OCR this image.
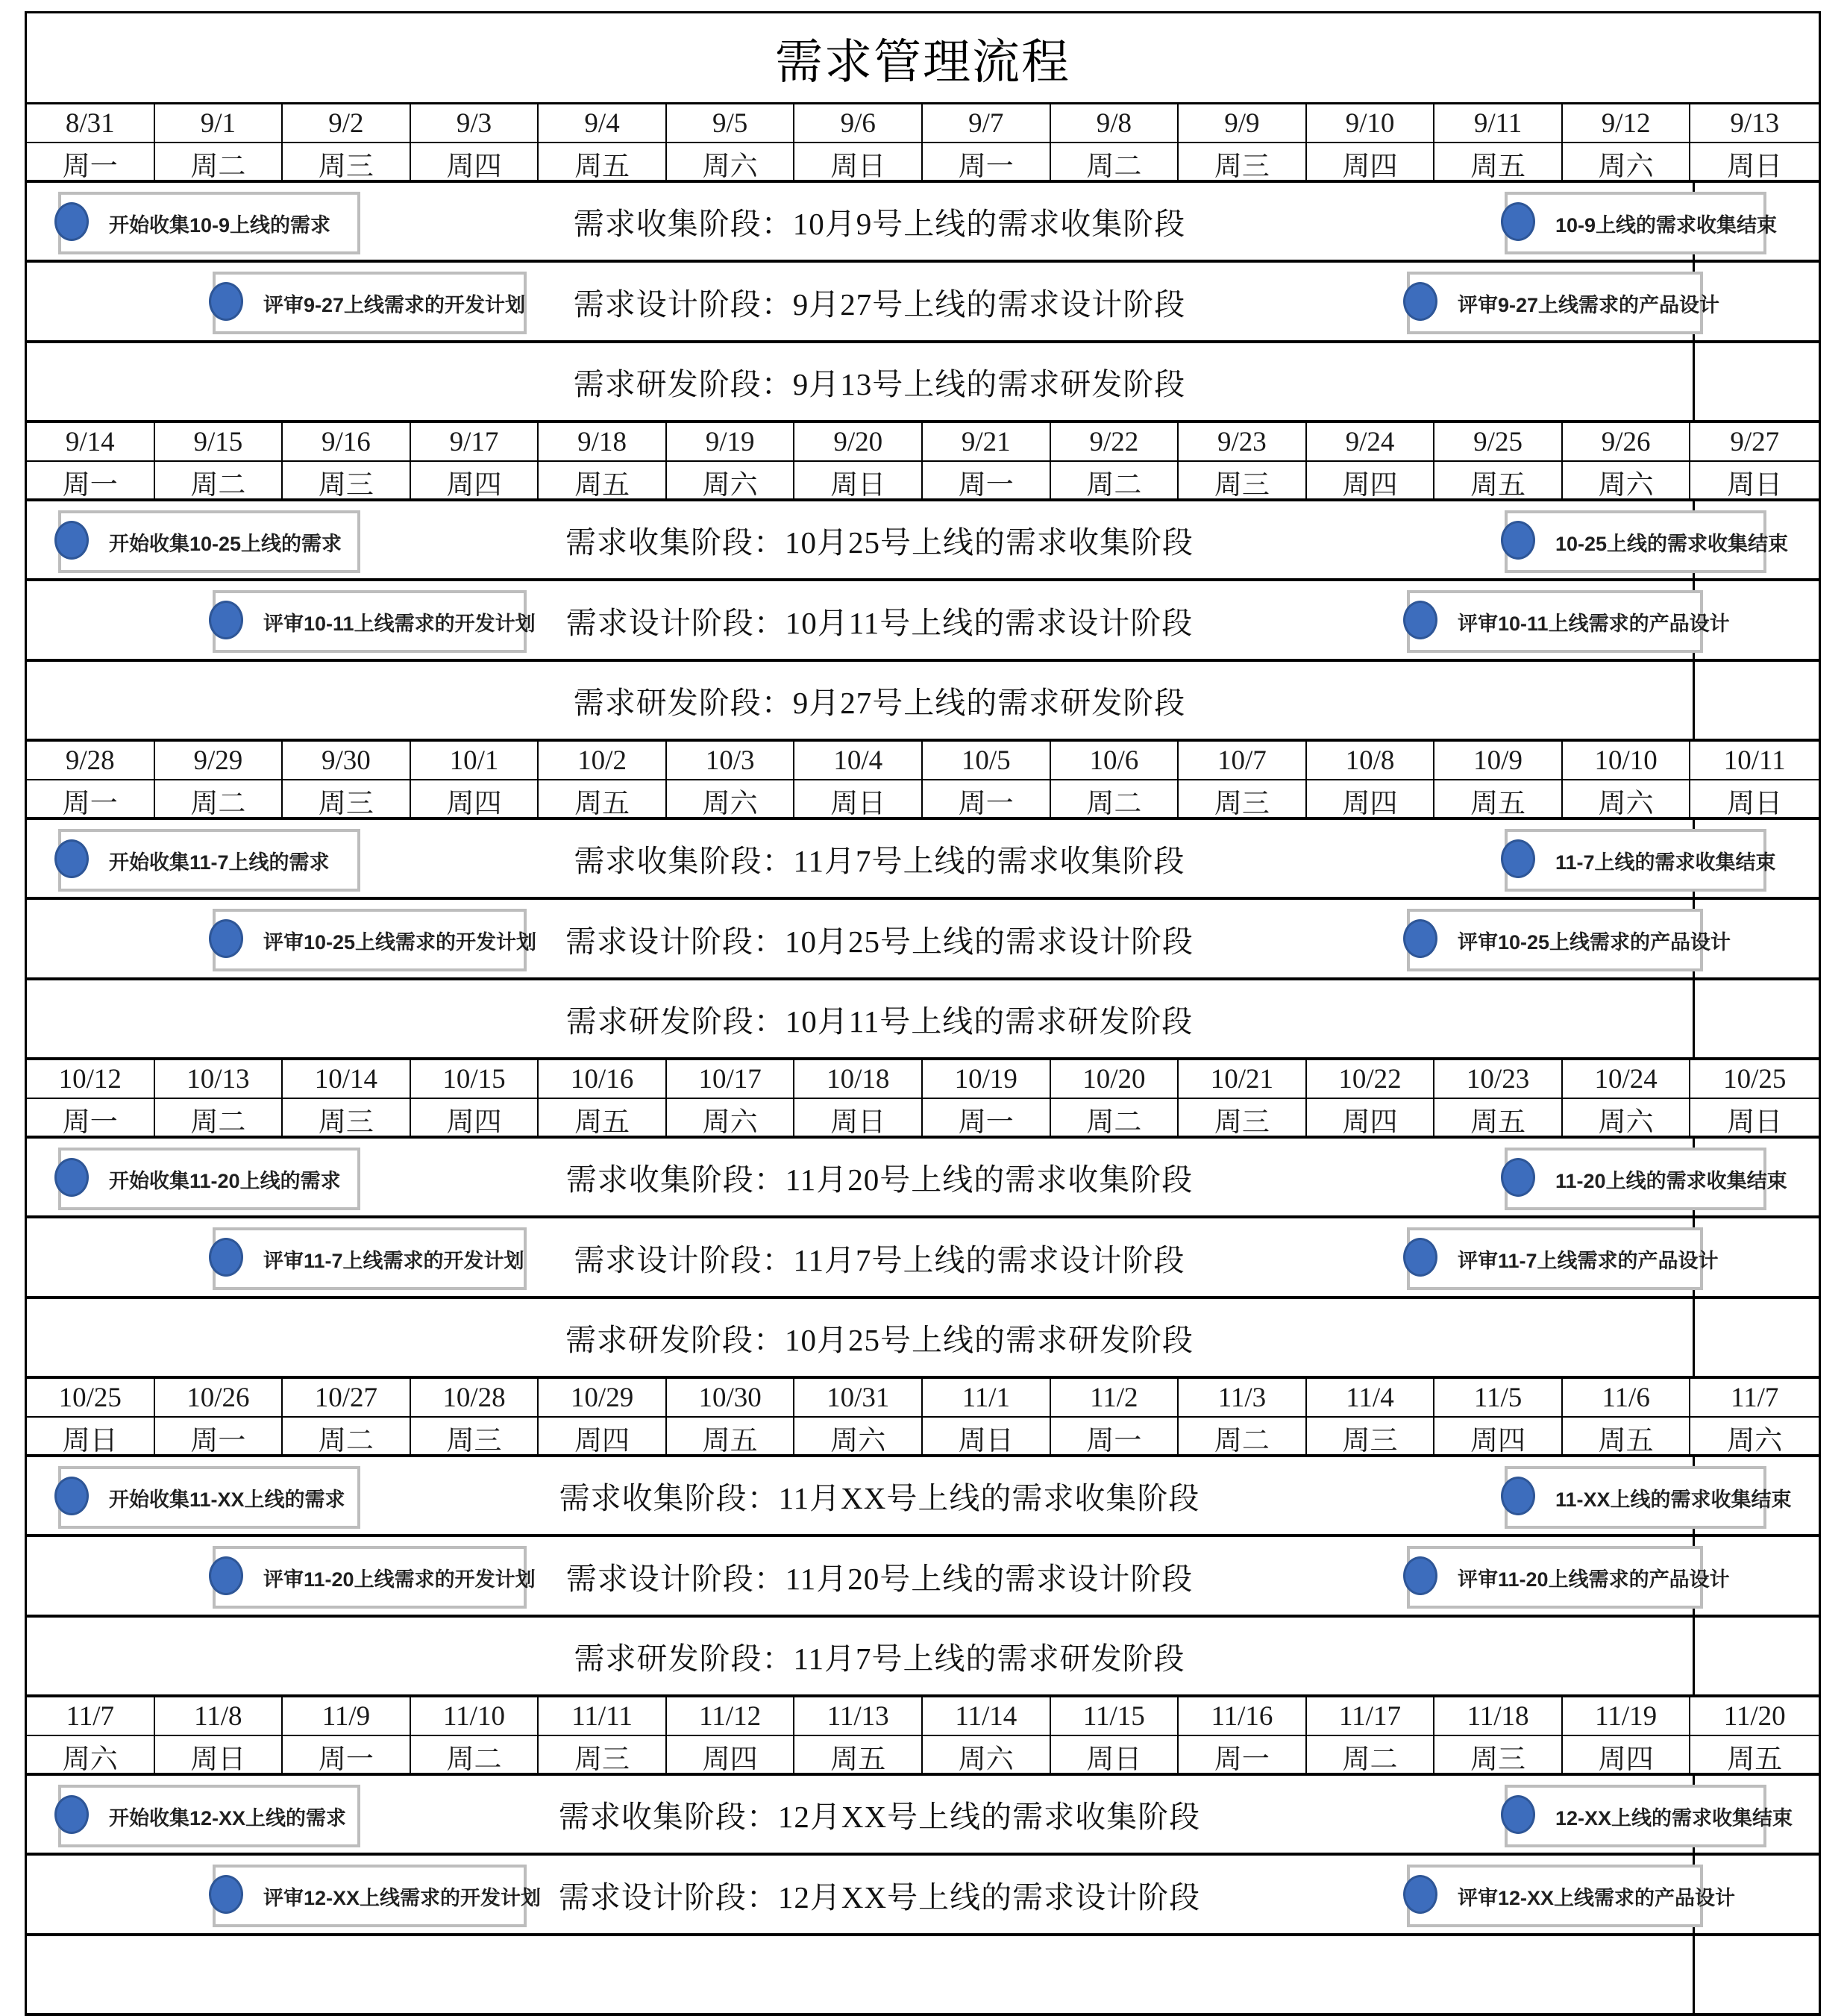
需求管理流程
8/31	9/1	9/2	9/3	9/4	9/5	9/6	9/7	9/8	9/9	9/10	9/11	9/12	9/13
周一	周二	周三	周四	周五	周六	周日	周一	周二	周三	周四	周五	周六	周日
开始收集10-9上线的需求	10-9上线的需求收集结束
需求收集阶段：10月9号上线的需求收集阶段
评审9-27上线需求的开发计划	评审9-27上线需求的产品设计
需求设计阶段：9月27号上线的需求设计阶段
需求研发阶段：9月13号上线的需求研发阶段
9/14	9/15	9/16	9/17	9/18	9/19	9/20	9/21	9/22	9/23	9/24	9/25	9/26	9/27
周一	周二	周三	周四	周五	周六	周日	周一	周二	周三	周四	周五	周六	周日
开始收集10-25上线的需求	10-25上线的需求收集结束
需求收集阶段：10月25号上线的需求收集阶段
评审10-11上线需求的开发计划	评审10-11上线需求的产品设计
需求设计阶段：10月11号上线的需求设计阶段
需求研发阶段：9月27号上线的需求研发阶段
9/28	9/29	9/30	10/1	10/2	10/3	10/4	10/5	10/6	10/7	10/8	10/9	10/10	10/11
周一	周二	周三	周四	周五	周六	周日	周一	周二	周三	周四	周五	周六	周日
开始收集11-7上线的需求	11-7上线的需求收集结束
需求收集阶段：11月7号上线的需求收集阶段
评审10-25上线需求的开发计划	评审10-25上线需求的产品设计
需求设计阶段：10月25号上线的需求设计阶段
需求研发阶段：10月11号上线的需求研发阶段
10/12	10/13	10/14	10/15	10/16	10/17	10/18	10/19	10/20	10/21	10/22	10/23	10/24	10/25
周一	周二	周三	周四	周五	周六	周日	周一	周二	周三	周四	周五	周六	周日
开始收集11-20上线的需求	11-20上线的需求收集结束
需求收集阶段：11月20号上线的需求收集阶段
评审11-7上线需求的开发计划	评审11-7上线需求的产品设计
需求设计阶段：11月7号上线的需求设计阶段
需求研发阶段：10月25号上线的需求研发阶段
10/25	10/26	10/27	10/28	10/29	10/30	10/31	11/1	11/2	11/3	11/4	11/5	11/6	11/7
周日	周一	周二	周三	周四	周五	周六	周日	周一	周二	周三	周四	周五	周六
开始收集11-XX上线的需求	11-XX上线的需求收集结束
需求收集阶段：11月XX号上线的需求收集阶段
评审11-20上线需求的开发计划	评审11-20上线需求的产品设计
需求设计阶段：11月20号上线的需求设计阶段
需求研发阶段：11月7号上线的需求研发阶段
11/7	11/8	11/9	11/10	11/11	11/12	11/13	11/14	11/15	11/16	11/17	11/18	11/19	11/20
周六	周日	周一	周二	周三	周四	周五	周六	周日	周一	周二	周三	周四	周五
开始收集12-XX上线的需求	12-XX上线的需求收集结束
需求收集阶段：12月XX号上线的需求收集阶段
评审12-XX上线需求的开发计划	评审12-XX上线需求的产品设计
需求设计阶段：12月XX号上线的需求设计阶段
